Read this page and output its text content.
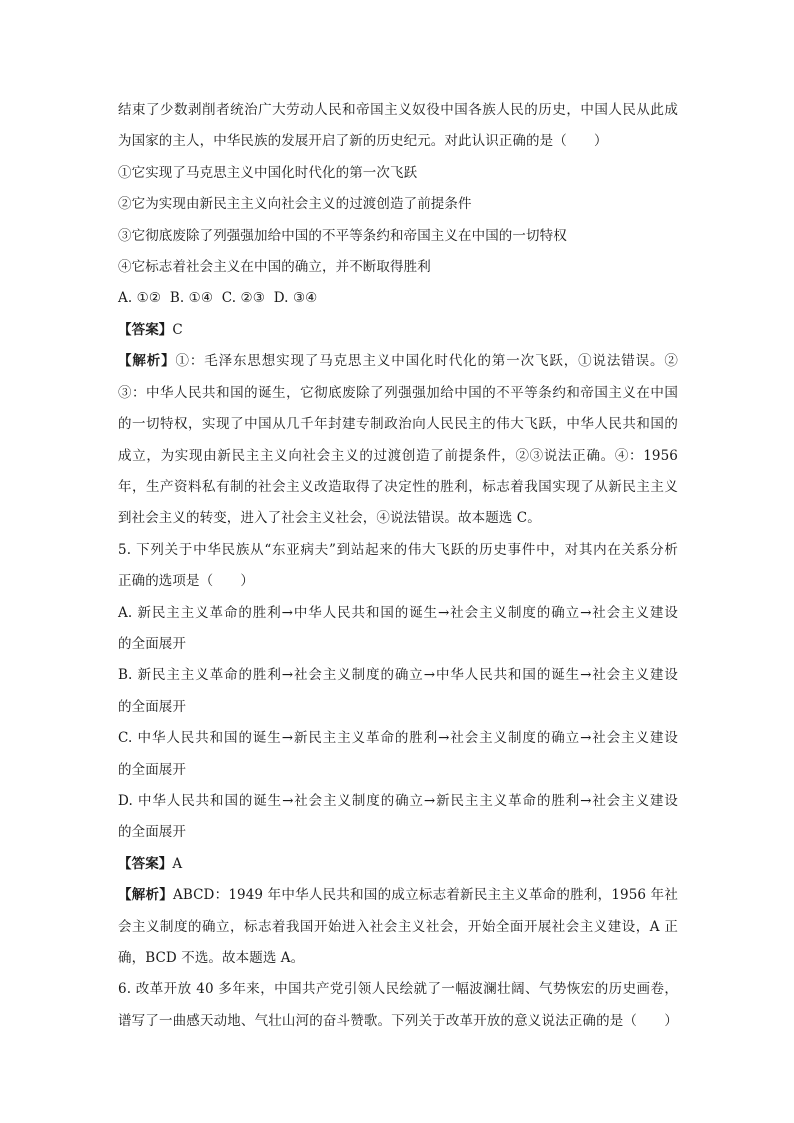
结束了少数剥削者统治广大劳动人民和帝国主义奴役中国各族人民的历史，中国人民从此成
为国家的主人，中华民族的发展开启了新的历史纪元。对此认识正确的是（　　）
①它实现了马克思主义中国化时代化的第一次飞跃
②它为实现由新民主主义向社会主义的过渡创造了前提条件
③它彻底废除了列强强加给中国的不平等条约和帝国主义在中国的一切特权
④它标志着社会主义在中国的确立，并不断取得胜利
A. ①②  B. ①④  C. ②③  D. ③④
【答案】C
【解析】①：毛泽东思想实现了马克思主义中国化时代化的第一次飞跃，①说法错误。②
③：中华人民共和国的诞生，它彻底废除了列强强加给中国的不平等条约和帝国主义在中国
的一切特权，实现了中国从几千年封建专制政治向人民民主的伟大飞跃，中华人民共和国的
成立，为实现由新民主主义向社会主义的过渡创造了前提条件，②③说法正确。④：1956
年，生产资料私有制的社会主义改造取得了决定性的胜利，标志着我国实现了从新民主主义
到社会主义的转变，进入了社会主义社会，④说法错误。故本题选 C。
5. 下列关于中华民族从“东亚病夫”到站起来的伟大飞跃的历史事件中，对其内在关系分析
正确的选项是（　　）
A. 新民主主义革命的胜利→中华人民共和国的诞生→社会主义制度的确立→社会主义建设
的全面展开
B. 新民主主义革命的胜利→社会主义制度的确立→中华人民共和国的诞生→社会主义建设
的全面展开
C. 中华人民共和国的诞生→新民主主义革命的胜利→社会主义制度的确立→社会主义建设
的全面展开
D. 中华人民共和国的诞生→社会主义制度的确立→新民主主义革命的胜利→社会主义建设
的全面展开
【答案】A
【解析】ABCD：1949 年中华人民共和国的成立标志着新民主主义革命的胜利，1956 年社
会主义制度的确立，标志着我国开始进入社会主义社会，开始全面开展社会主义建设，A 正
确，BCD 不选。故本题选 A。
6. 改革开放 40 多年来，中国共产党引领人民绘就了一幅波澜壮阔、气势恢宏的历史画卷，
谱写了一曲感天动地、气壮山河的奋斗赞歌。下列关于改革开放的意义说法正确的是（　　）
